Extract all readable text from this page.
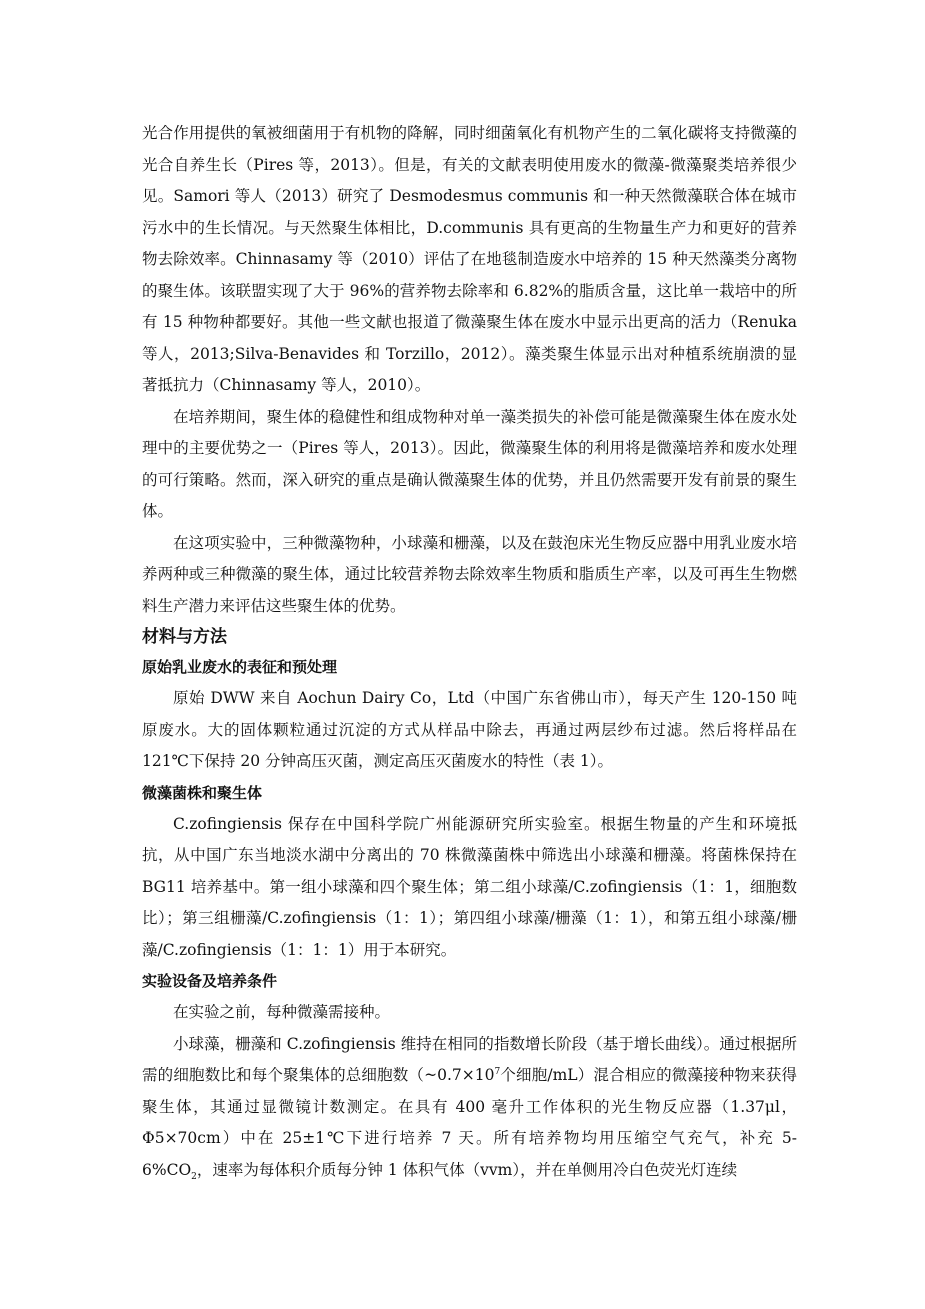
光合作用提供的氧被细菌用于有机物的降解，同时细菌氧化有机物产生的二氧化碳将支持微藻的光合自养生长（Pires 等，2013）。但是，有关的文献表明使用废水的微藻-微藻聚类培养很少见。Samori 等人（2013）研究了 Desmodesmus communis 和一种天然微藻联合体在城市污水中的生长情况。与天然聚生体相比，D.communis 具有更高的生物量生产力和更好的营养物去除效率。Chinnasamy 等（2010）评估了在地毯制造废水中培养的 15 种天然藻类分离物的聚生体。该联盟实现了大于 96%的营养物去除率和 6.82%的脂质含量，这比单一栽培中的所有 15 种物种都要好。其他一些文献也报道了微藻聚生体在废水中显示出更高的活力（Renuka 等人，2013;Silva-Benavides 和 Torzillo，2012）。藻类聚生体显示出对种植系统崩溃的显著抵抗力（Chinnasamy 等人，2010）。

在培养期间，聚生体的稳健性和组成物种对单一藻类损失的补偿可能是微藻聚生体在废水处理中的主要优势之一（Pires 等人，2013）。因此，微藻聚生体的利用将是微藻培养和废水处理的可行策略。然而，深入研究的重点是确认微藻聚生体的优势，并且仍然需要开发有前景的聚生体。

在这项实验中，三种微藻物种，小球藻和栅藻，以及在鼓泡床光生物反应器中用乳业废水培养两种或三种微藻的聚生体，通过比较营养物去除效率生物质和脂质生产率，以及可再生生物燃料生产潜力来评估这些聚生体的优势。

材料与方法
原始乳业废水的表征和预处理

原始 DWW 来自 Aochun Dairy Co，Ltd（中国广东省佛山市），每天产生 120-150 吨原废水。大的固体颗粒通过沉淀的方式从样品中除去，再通过两层纱布过滤。然后将样品在 121℃下保持 20 分钟高压灭菌，测定高压灭菌废水的特性（表 1）。

微藻菌株和聚生体

C.zofingiensis 保存在中国科学院广州能源研究所实验室。根据生物量的产生和环境抵抗，从中国广东当地淡水湖中分离出的 70 株微藻菌株中筛选出小球藻和栅藻。将菌株保持在 BG11 培养基中。第一组小球藻和四个聚生体；第二组小球藻/C.zofingiensis（1：1，细胞数比）；第三组栅藻/C.zofingiensis（1：1）；第四组小球藻/栅藻（1：1），和第五组小球藻/栅藻/C.zofingiensis（1：1：1）用于本研究。

实验设备及培养条件

在实验之前，每种微藻需接种。

小球藻，栅藻和 C.zofingiensis 维持在相同的指数增长阶段（基于增长曲线）。通过根据所需的细胞数比和每个聚集体的总细胞数（$\sim 0.7\times 10^7$个细胞/mL）混合相应的微藻接种物来获得聚生体，其通过显微镜计数测定。在具有 400 毫升工作体积的光生物反应器（1.37μl，Φ5×70cm）中在 25±1℃下进行培养 7 天。所有培养物均用压缩空气充气，补充 $5-6\%CO_2$，速率为每体积介质每分钟 1 体积气体（vvm），并在单侧用冷白色荧光灯连续
